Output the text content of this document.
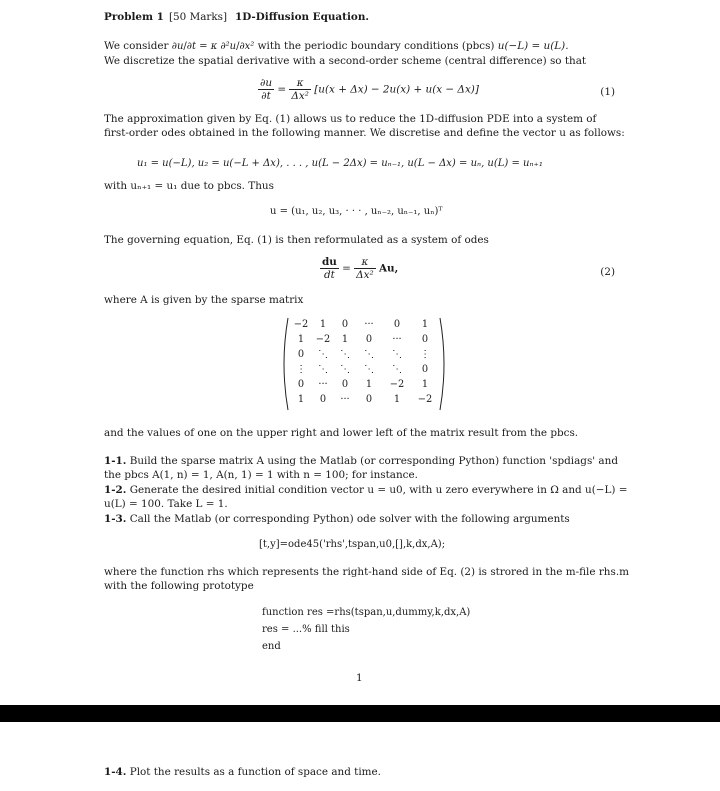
Problem 1 [50 Marks] 1D-Diffusion Equation.
We consider ∂u/∂t = κ ∂²u/∂x² with the periodic boundary conditions (pbcs) u(−L) = u(L).
We discretize the spatial derivative with a second-order scheme (central difference) so that
$\frac{\partial u}{\partial t} = \frac{\kappa}{\text{Δx²}} [u(x + \Delta x) - 2u(x) + u(x - \Delta x)]$	(1)
The approximation given by Eq. (1) allows us to reduce the 1D-diffusion PDE into a system of
first-order odes obtained in the following manner. We discretise and define the vector u as follows:
u₁ = u(−L), u₂ = u(−L + Δx), . . . , u(L − 2Δx) = uₙ₋₁, u(L − Δx) = uₙ, u(L) = uₙ₊₁
with uₙ₊₁ = u₁ due to pbcs. Thus
u = (u₁, u₂, u₃, · · · , uₙ₋₂, uₙ₋₁, uₙ)ᵀ
The governing equation, Eq. (1) is then reformulated as a system of odes
$\frac{du}{dt} = \frac{\kappa}{\text{Δx²}} Au$,	(2)
where A is given by the sparse matrix
−2	1	0	···	0	1
1	−2	1	0	···	0
0	⋱	⋱	⋱	⋱	⋮
⋮	⋱	⋱	⋱	⋱	0
0	···	0	1	−2	1
1	0	···	0	1	−2
and the values of one on the upper right and lower left of the matrix result from the pbcs.
1-1. Build the sparse matrix A using the Matlab (or corresponding Python) function 'spdiags' and
the pbcs A(1, n) = 1, A(n, 1) = 1 with n = 100; for instance.
1-2. Generate the desired initial condition vector u = u0, with u zero everywhere in Ω and u(−L) =
u(L) = 100. Take L = 1.
1-3. Call the Matlab (or corresponding Python) ode solver with the following arguments
[t,y]=ode45('rhs',tspan,u0,[],k,dx,A);
where the function rhs which represents the right-hand side of Eq. (2) is strored in the m-file rhs.m
with the following prototype
function res =rhs(tspan,u,dummy,k,dx,A)
res = ...% fill this
end
1
1-4. Plot the results as a function of space and time.
